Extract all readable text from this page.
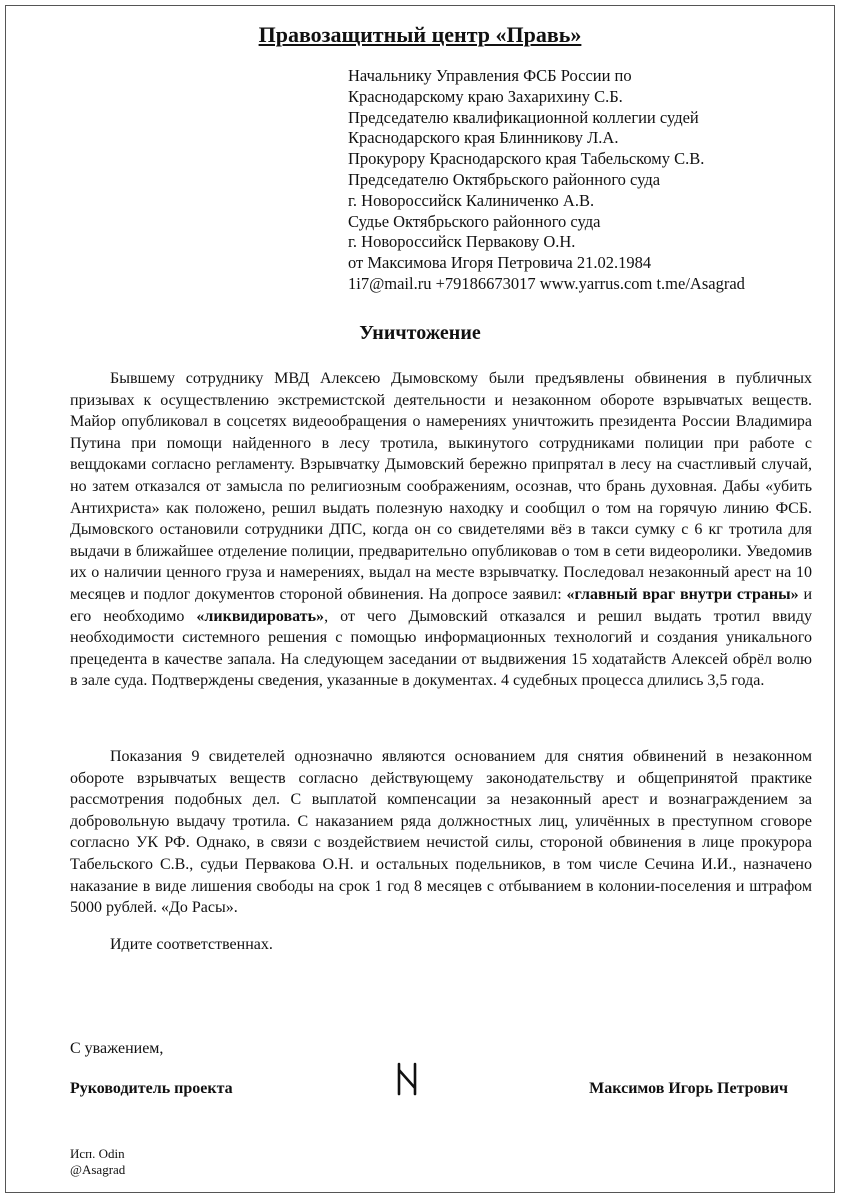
Правозащитный центр «Правь»
Начальнику Управления ФСБ России по
Краснодарскому краю Захарихину С.Б.
Председателю квалификационной коллегии судей
Краснодарского края Блинникову Л.А.
Прокурору Краснодарского края Табельскому С.В.
Председателю Октябрьского районного суда
г. Новороссийск Калиниченко А.В.
Судье Октябрьского районного суда
г. Новороссийск Первакову О.Н.
от Максимова Игоря Петровича 21.02.1984
1i7@mail.ru +79186673017 www.yarrus.com t.me/Asagrad
Уничтожение
Бывшему сотруднику МВД Алексею Дымовскому были предъявлены обвинения в публичных призывах к осуществлению экстремистской деятельности и незаконном обороте взрывчатых веществ. Майор опубликовал в соцсетях видеообращения о намерениях уничтожить президента России Владимира Путина при помощи найденного в лесу тротила, выкинутого сотрудниками полиции при работе с вещдоками согласно регламенту. Взрывчатку Дымовский бережно припрятал в лесу на счастливый случай, но затем отказался от замысла по религиозным соображениям, осознав, что брань духовная. Дабы «убить Антихриста» как положено, решил выдать полезную находку и сообщил о том на горячую линию ФСБ. Дымовского остановили сотрудники ДПС, когда он со свидетелями вёз в такси сумку с 6 кг тротила для выдачи в ближайшее отделение полиции, предварительно опубликовав о том в сети видеоролики. Уведомив их о наличии ценного груза и намерениях, выдал на месте взрывчатку. Последовал незаконный арест на 10 месяцев и подлог документов стороной обвинения. На допросе заявил: «главный враг внутри страны» и его необходимо «ликвидировать», от чего Дымовский отказался и решил выдать тротил ввиду необходимости системного решения с помощью информационных технологий и создания уникального прецедента в качестве запала. На следующем заседании от выдвижения 15 ходатайств Алексей обрёл волю в зале суда. Подтверждены сведения, указанные в документах. 4 судебных процесса длились 3,5 года.
Показания 9 свидетелей однозначно являются основанием для снятия обвинений в незаконном обороте взрывчатых веществ согласно действующему законодательству и общепринятой практике рассмотрения подобных дел. С выплатой компенсации за незаконный арест и вознаграждением за добровольную выдачу тротила. С наказанием ряда должностных лиц, уличённых в преступном сговоре согласно УК РФ. Однако, в связи с воздействием нечистой силы, стороной обвинения в лице прокурора Табельского С.В., судьи Первакова О.Н. и остальных подельников, в том числе Сечина И.И., назначено наказание в виде лишения свободы на срок 1 год 8 месяцев с отбыванием в колонии-поселения и штрафом 5000 рублей. «До Расы».
Идите соответственнах.
С уважением,
Руководитель проекта	Максимов Игорь Петрович
Исп. Odin
@Asagrad
